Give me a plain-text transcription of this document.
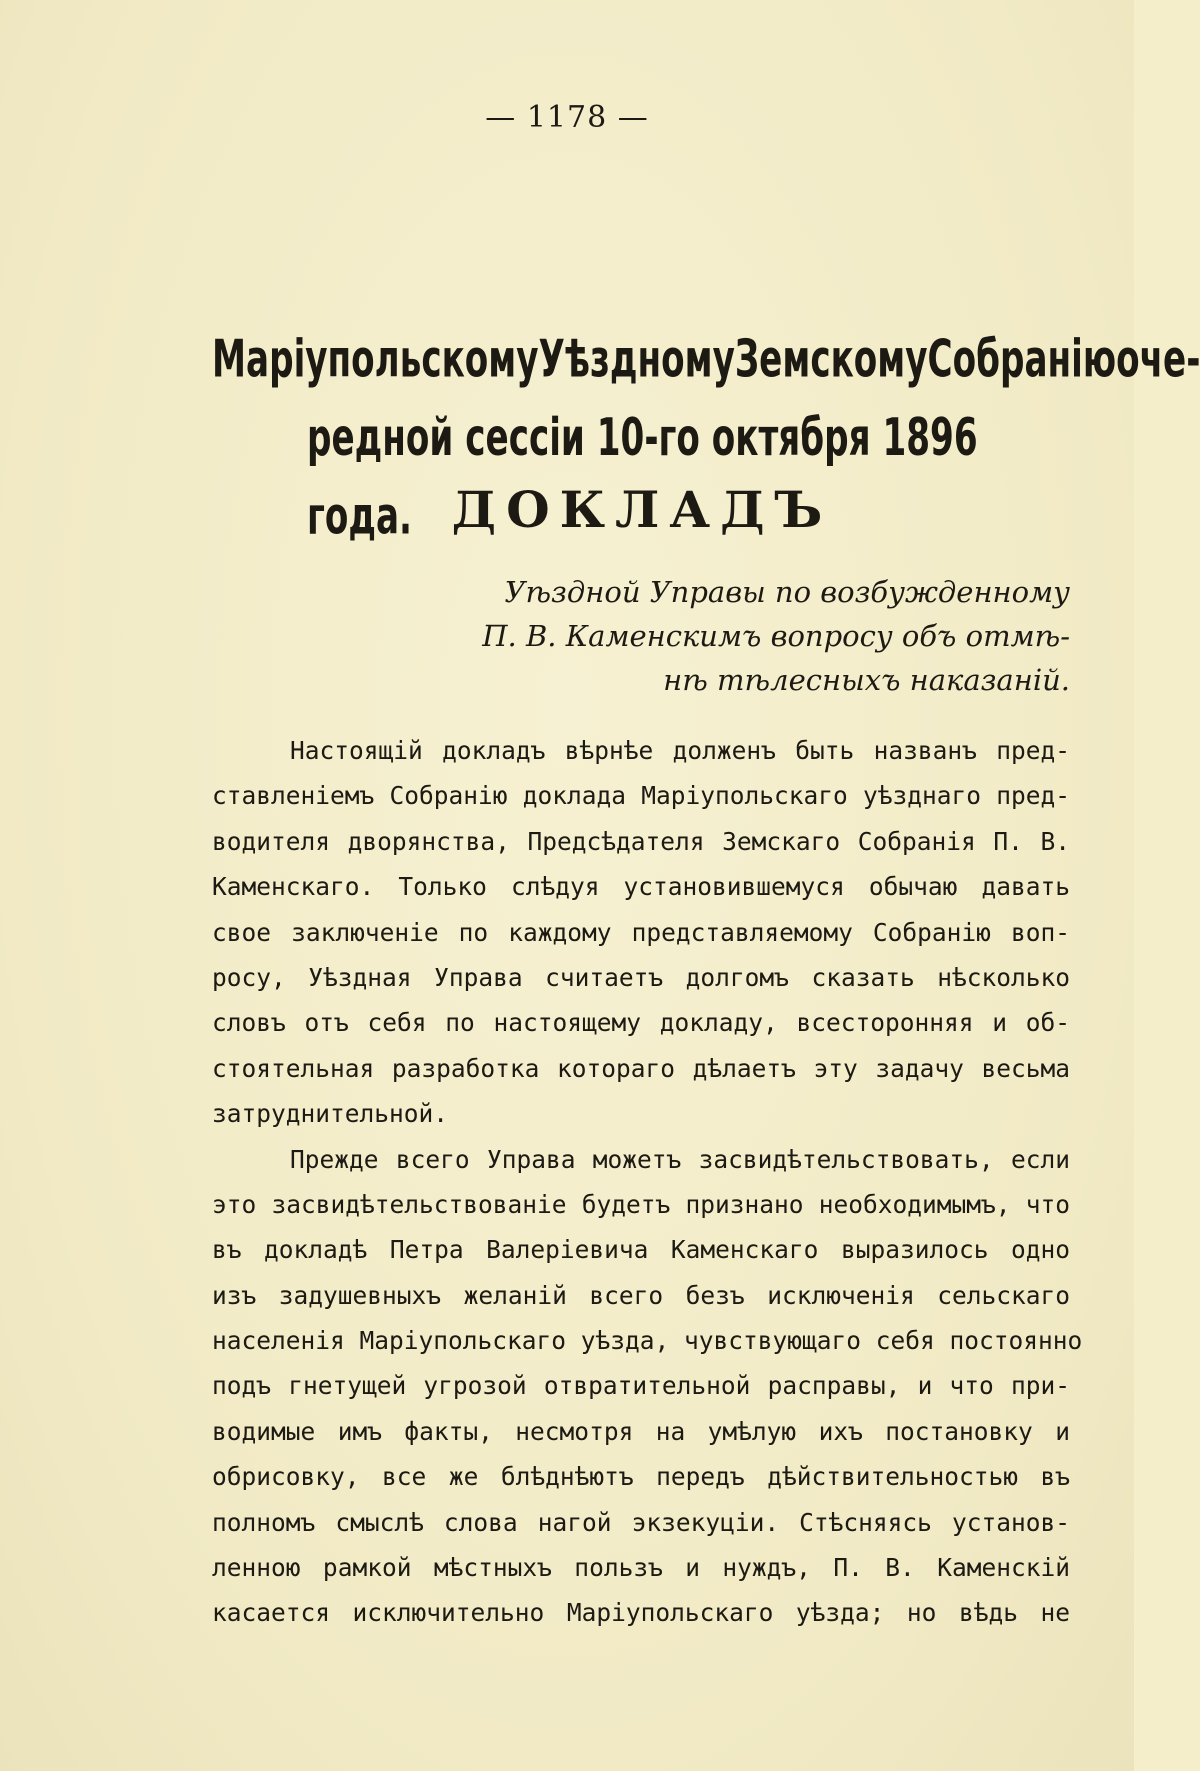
— 1178 —
Маріупольскому Уѣздному Земскому Собранію оче-
редной сессіи 10-го октября 1896 года. ДОКЛАДЪ
Уѣздной Управы по возбужденному
П. В. Каменскимъ вопросу объ отмѣ-
нѣ тѣлесныхъ наказаній.
Настоящій докладъ вѣрнѣе долженъ быть названъ пред-
ставленіемъ Собранію доклада Маріупольскаго уѣзднаго пред-
водителя дворянства, Предсѣдателя Земскаго Собранія П. В.
Каменскаго. Только слѣдуя установившемуся обычаю давать
свое заключеніе по каждому представляемому Собранію воп-
росу, Уѣздная Управа считаетъ долгомъ сказать нѣсколько
словъ отъ себя по настоящему докладу, всесторонняя и об-
стоятельная разработка котораго дѣлаетъ эту задачу весьма
затруднительной.
Прежде всего Управа можетъ засвидѣтельствовать, если
это засвидѣтельствованіе будетъ признано необходимымъ, что
въ докладѣ Петра Валеріевича Каменскаго выразилось одно
изъ задушевныхъ желаній всего безъ исключенія сельскаго
населенія Маріупольскаго уѣзда, чувствующаго себя постоянно
подъ гнетущей угрозой отвратительной расправы, и что при-
водимые имъ факты, несмотря на умѣлую ихъ постановку и
обрисовку, все же блѣднѣютъ передъ дѣйствительностью въ
полномъ смыслѣ слова нагой экзекуціи. Стѣсняясь установ-
ленною рамкой мѣстныхъ пользъ и нуждъ, П. В. Каменскій
касается исключительно Маріупольскаго уѣзда; но вѣдь не
